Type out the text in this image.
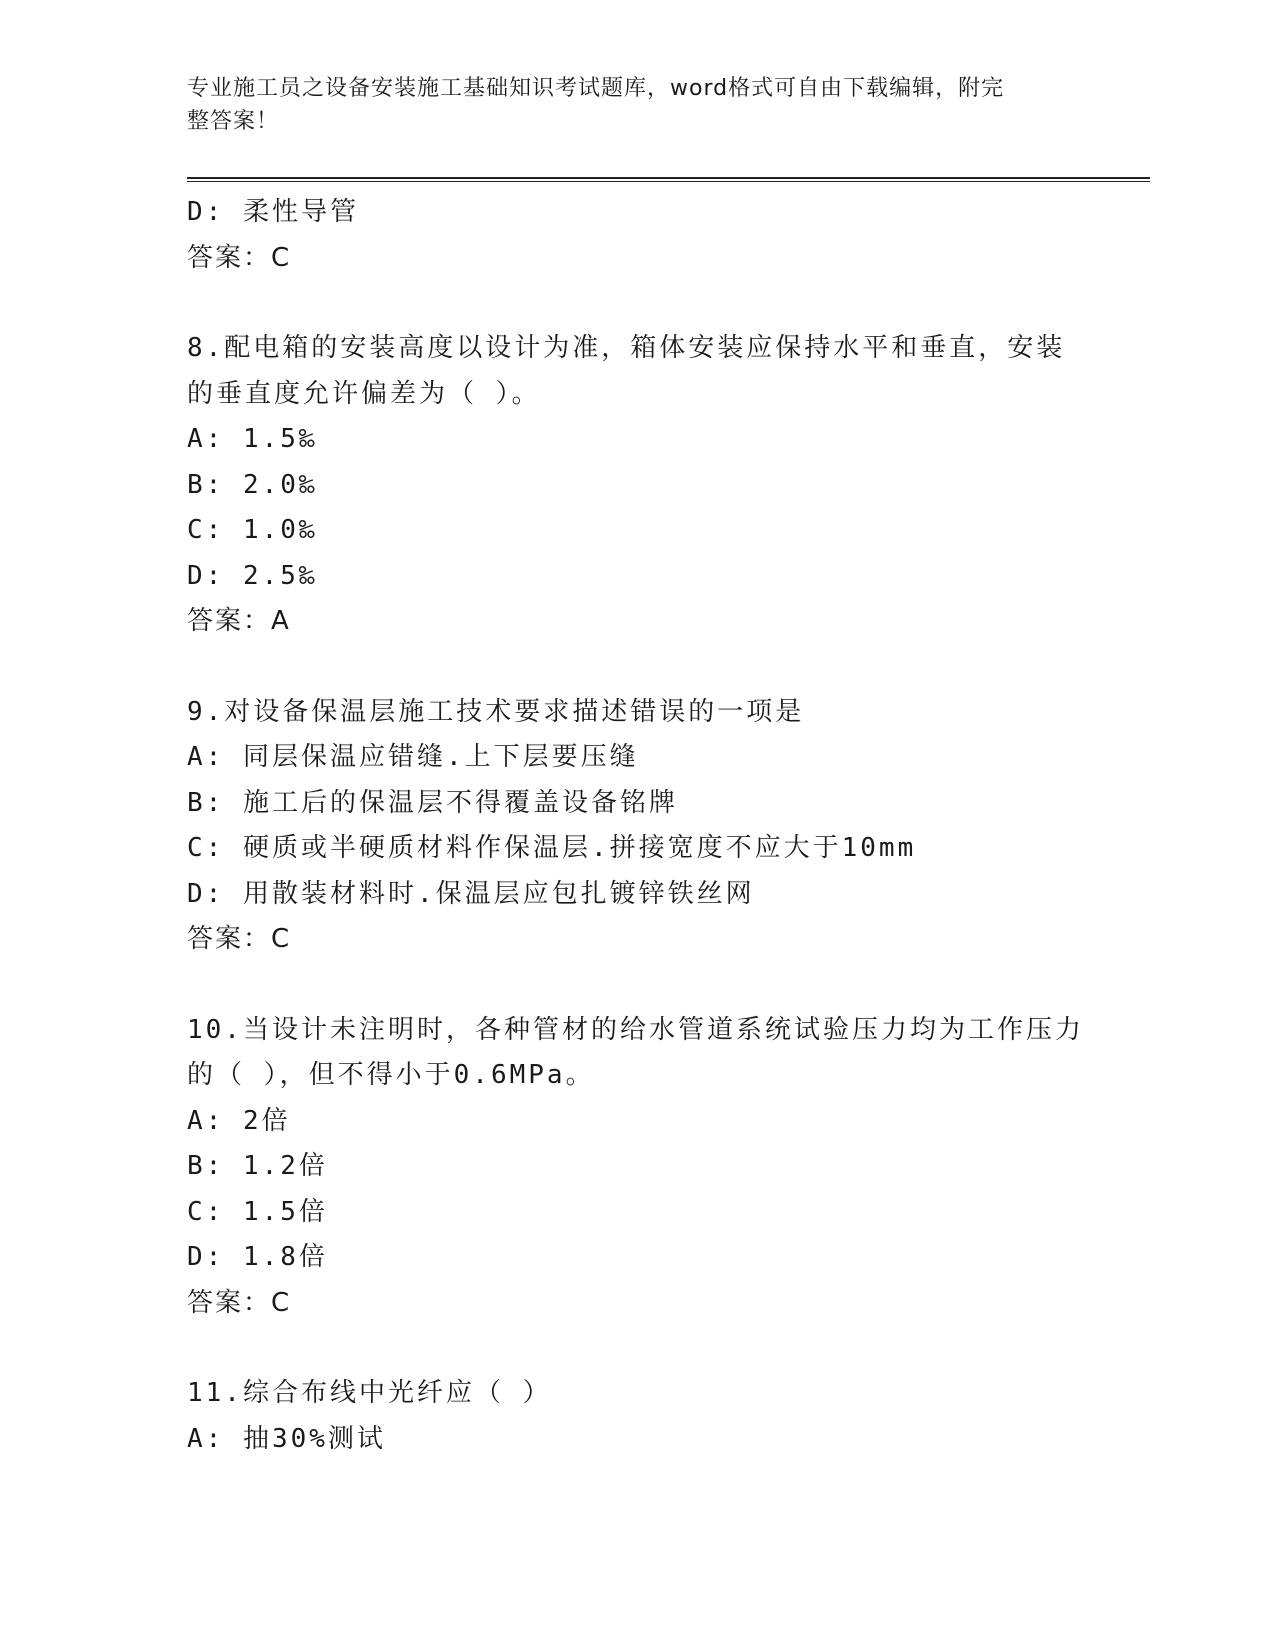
专业施工员之设备安装施工基础知识考试题库，word格式可自由下载编辑，附完
整答案！
D: 柔性导管
答案：C
8.配电箱的安装高度以设计为准，箱体安装应保持水平和垂直，安装
的垂直度允许偏差为（ ）。
A: 1.5‰
B: 2.0‰
C: 1.0‰
D: 2.5‰
答案：A
9.对设备保温层施工技术要求描述错误的一项是
A: 同层保温应错缝.上下层要压缝
B: 施工后的保温层不得覆盖设备铭牌
C: 硬质或半硬质材料作保温层.拼接宽度不应大于10mm
D: 用散装材料时.保温层应包扎镀锌铁丝网
答案：C
10.当设计未注明时，各种管材的给水管道系统试验压力均为工作压力
的（ ），但不得小于0.6MPa。
A: 2倍
B: 1.2倍
C: 1.5倍
D: 1.8倍
答案：C
11.综合布线中光纤应（ ）
A: 抽30%测试
